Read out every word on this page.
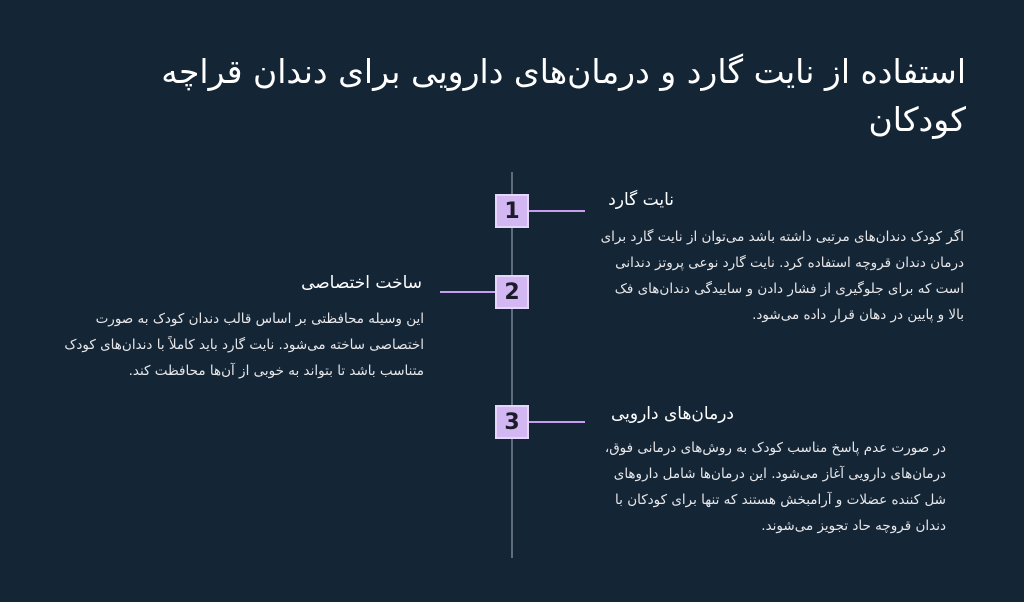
استفاده از نایت گارد و درمان‌های دارویی برای دندان قراچه کودکان
1	نایت گارد

اگر کودک دندان‌های مرتبی داشته باشد می‌توان از نایت گارد برای درمان دندان قروچه استفاده کرد. نایت گارد نوعی پروتز دندانی است که برای جلوگیری از فشار دادن و ساییدگی دندان‌های فک بالا و پایین در دهان قرار داده می‌شود.

2
ساخت اختصاصی

این وسیله محافظتی بر اساس قالب دندان کودک به صورت اختصاصی ساخته می‌شود. نایت گارد باید کاملاً با دندان‌های کودک متناسب باشد تا بتواند به خوبی از آن‌ها محافظت کند.

3	درمان‌های دارویی

در صورت عدم پاسخ مناسب کودک به روش‌های درمانی فوق، درمان‌های دارویی آغاز می‌شود. این درمان‌ها شامل داروهای شل کننده عضلات و آرامبخش هستند که تنها برای کودکان با دندان قروچه حاد تجویز می‌شوند.
